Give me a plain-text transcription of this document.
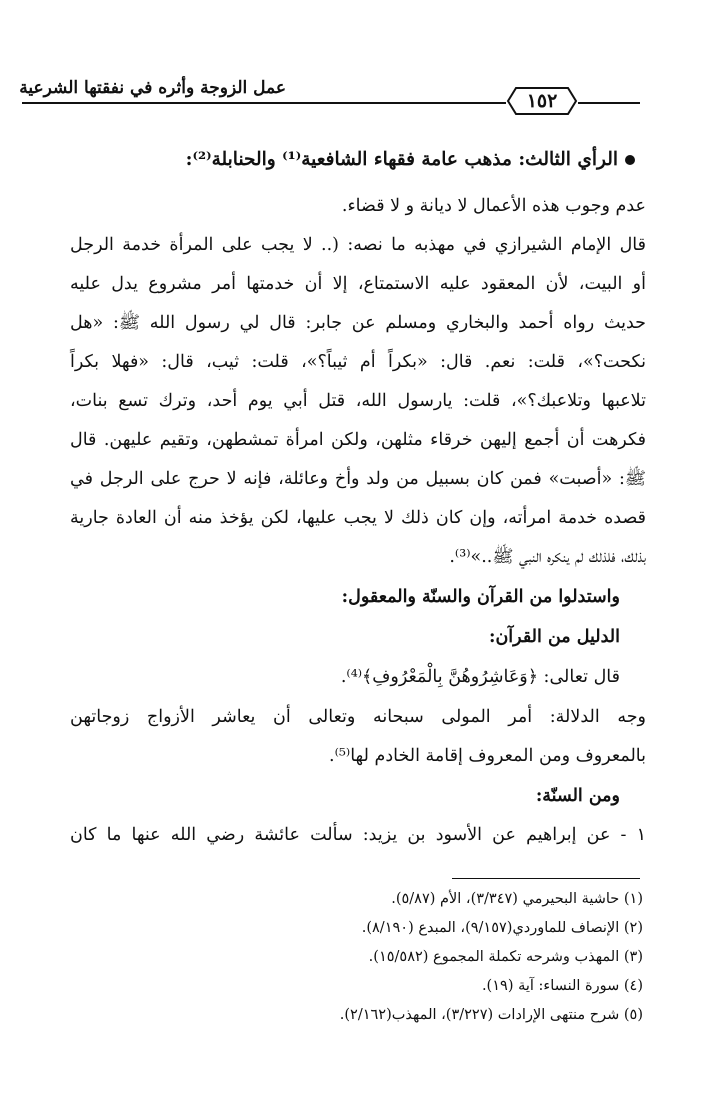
عمل الزوجة وأثره في نفقتها الشرعية
١٥٢
الرأي الثالث: مذهب عامة فقهاء الشافعية⁽¹⁾ والحنابلة⁽²⁾:
عدم وجوب هذه الأعمال لا ديانة و لا قضاء.
قال الإمام الشيرازي في مهذبه ما نصه: (.. لا يجب على المرأة خدمة الرجل
أو البيت، لأن المعقود عليه الاستمتاع، إلا أن خدمتها أمر مشروع يدل عليه
حديث رواه أحمد والبخاري ومسلم عن جابر: قال لي رسول الله ﷺ: «هل
نكحت؟»، قلت: نعم. قال: «بكراً أم ثيباً؟»، قلت: ثيب، قال: «فهلا بكراً
تلاعبها وتلاعبك؟»، قلت: يارسول الله، قتل أبي يوم أحد، وترك تسع بنات،
فكرهت أن أجمع إليهن خرقاء مثلهن، ولكن امرأة تمشطهن، وتقيم عليهن. قال
ﷺ: «أصبت» فمن كان بسبيل من ولد وأخ وعائلة، فإنه لا حرج على الرجل في
قصده خدمة امرأته، وإن كان ذلك لا يجب عليها، لكن يؤخذ منه أن العادة جارية
بذلك، فلذلك لم ينكره النبي ﷺ..»⁽³⁾.
واستدلوا من القرآن والسنّة والمعقول:
الدليل من القرآن:
قال تعالى: ﴿وَعَاشِرُوهُنَّ بِالْمَعْرُوفِ﴾⁽⁴⁾.
وجه الدلالة: أمر المولى سبحانه وتعالى أن يعاشر الأزواج زوجاتهن
بالمعروف ومن المعروف إقامة الخادم لها⁽⁵⁾.
ومن السنّة:
١ - عن إبراهيم عن الأسود بن يزيد: سألت عائشة رضي الله عنها ما كان
(١) حاشية البحيرمي (٣/٣٤٧)، الأم (٥/٨٧).
(٢) الإنصاف للماوردي(٩/١٥٧)، المبدع (٨/١٩٠).
(٣) المهذب وشرحه تكملة المجموع (١٥/٥٨٢).
(٤) سورة النساء: آية (١٩).
(٥) شرح منتهى الإرادات (٣/٢٢٧)، المهذب(٢/١٦٢).
